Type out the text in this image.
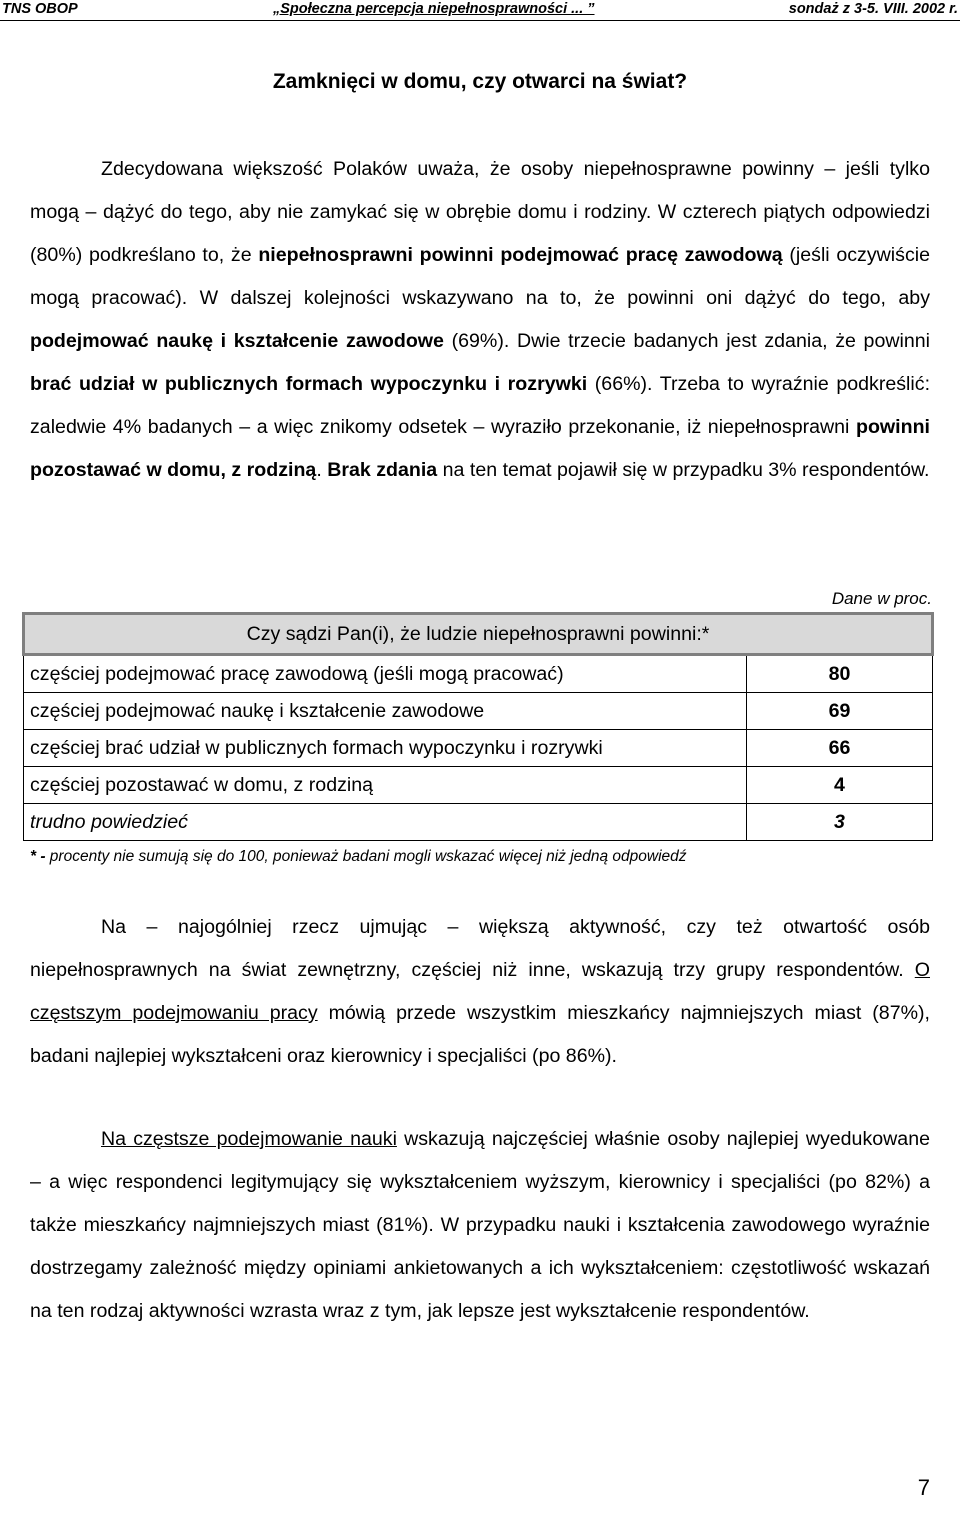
TNS OBOP	„Społeczna percepcja niepełnosprawności ... ”	sondaż z 3-5. VIII. 2002 r.
Zamknięci w domu, czy otwarci na świat?
Zdecydowana większość Polaków uważa, że osoby niepełnosprawne powinny – jeśli tylko mogą – dążyć do tego, aby nie zamykać się w obrębie domu i rodziny. W czterech piątych odpowiedzi (80%) podkreślano to, że niepełnosprawni powinni podejmować pracę zawodową (jeśli oczywiście mogą pracować). W dalszej kolejności wskazywano na to, że powinni oni dążyć do tego, aby podejmować naukę i kształcenie zawodowe (69%). Dwie trzecie badanych jest zdania, że powinni brać udział w publicznych formach wypoczynku i rozrywki (66%). Trzeba to wyraźnie podkreślić: zaledwie 4% badanych – a więc znikomy odsetek – wyraziło przekonanie, iż niepełnosprawni powinni pozostawać w domu, z rodziną. Brak zdania na ten temat pojawił się w przypadku 3% respondentów.
Dane w proc.
Czy sądzi Pan(i), że ludzie niepełnosprawni powinni:*	
częściej podejmować pracę zawodową (jeśli mogą pracować)	80
częściej podejmować naukę i kształcenie zawodowe	69
częściej brać udział w publicznych formach wypoczynku i rozrywki	66
częściej pozostawać w domu, z rodziną	4
trudno powiedzieć	3
* - procenty nie sumują się do 100, ponieważ badani mogli wskazać więcej niż jedną odpowiedź
Na – najogólniej rzecz ujmując – większą aktywność, czy też otwartość osób niepełnosprawnych na świat zewnętrzny, częściej niż inne, wskazują trzy grupy respondentów. O częstszym podejmowaniu pracy mówią przede wszystkim mieszkańcy najmniejszych miast (87%), badani najlepiej wykształceni oraz kierownicy i specjaliści (po 86%).
Na częstsze podejmowanie nauki wskazują najczęściej właśnie osoby najlepiej wyedukowane – a więc respondenci legitymujący się wykształceniem wyższym, kierownicy i specjaliści (po 82%) a także mieszkańcy najmniejszych miast (81%). W przypadku nauki i kształcenia zawodowego wyraźnie dostrzegamy zależność między opiniami ankietowanych a ich wykształceniem: częstotliwość wskazań na ten rodzaj aktywności wzrasta wraz z tym, jak lepsze jest wykształcenie respondentów.
7
